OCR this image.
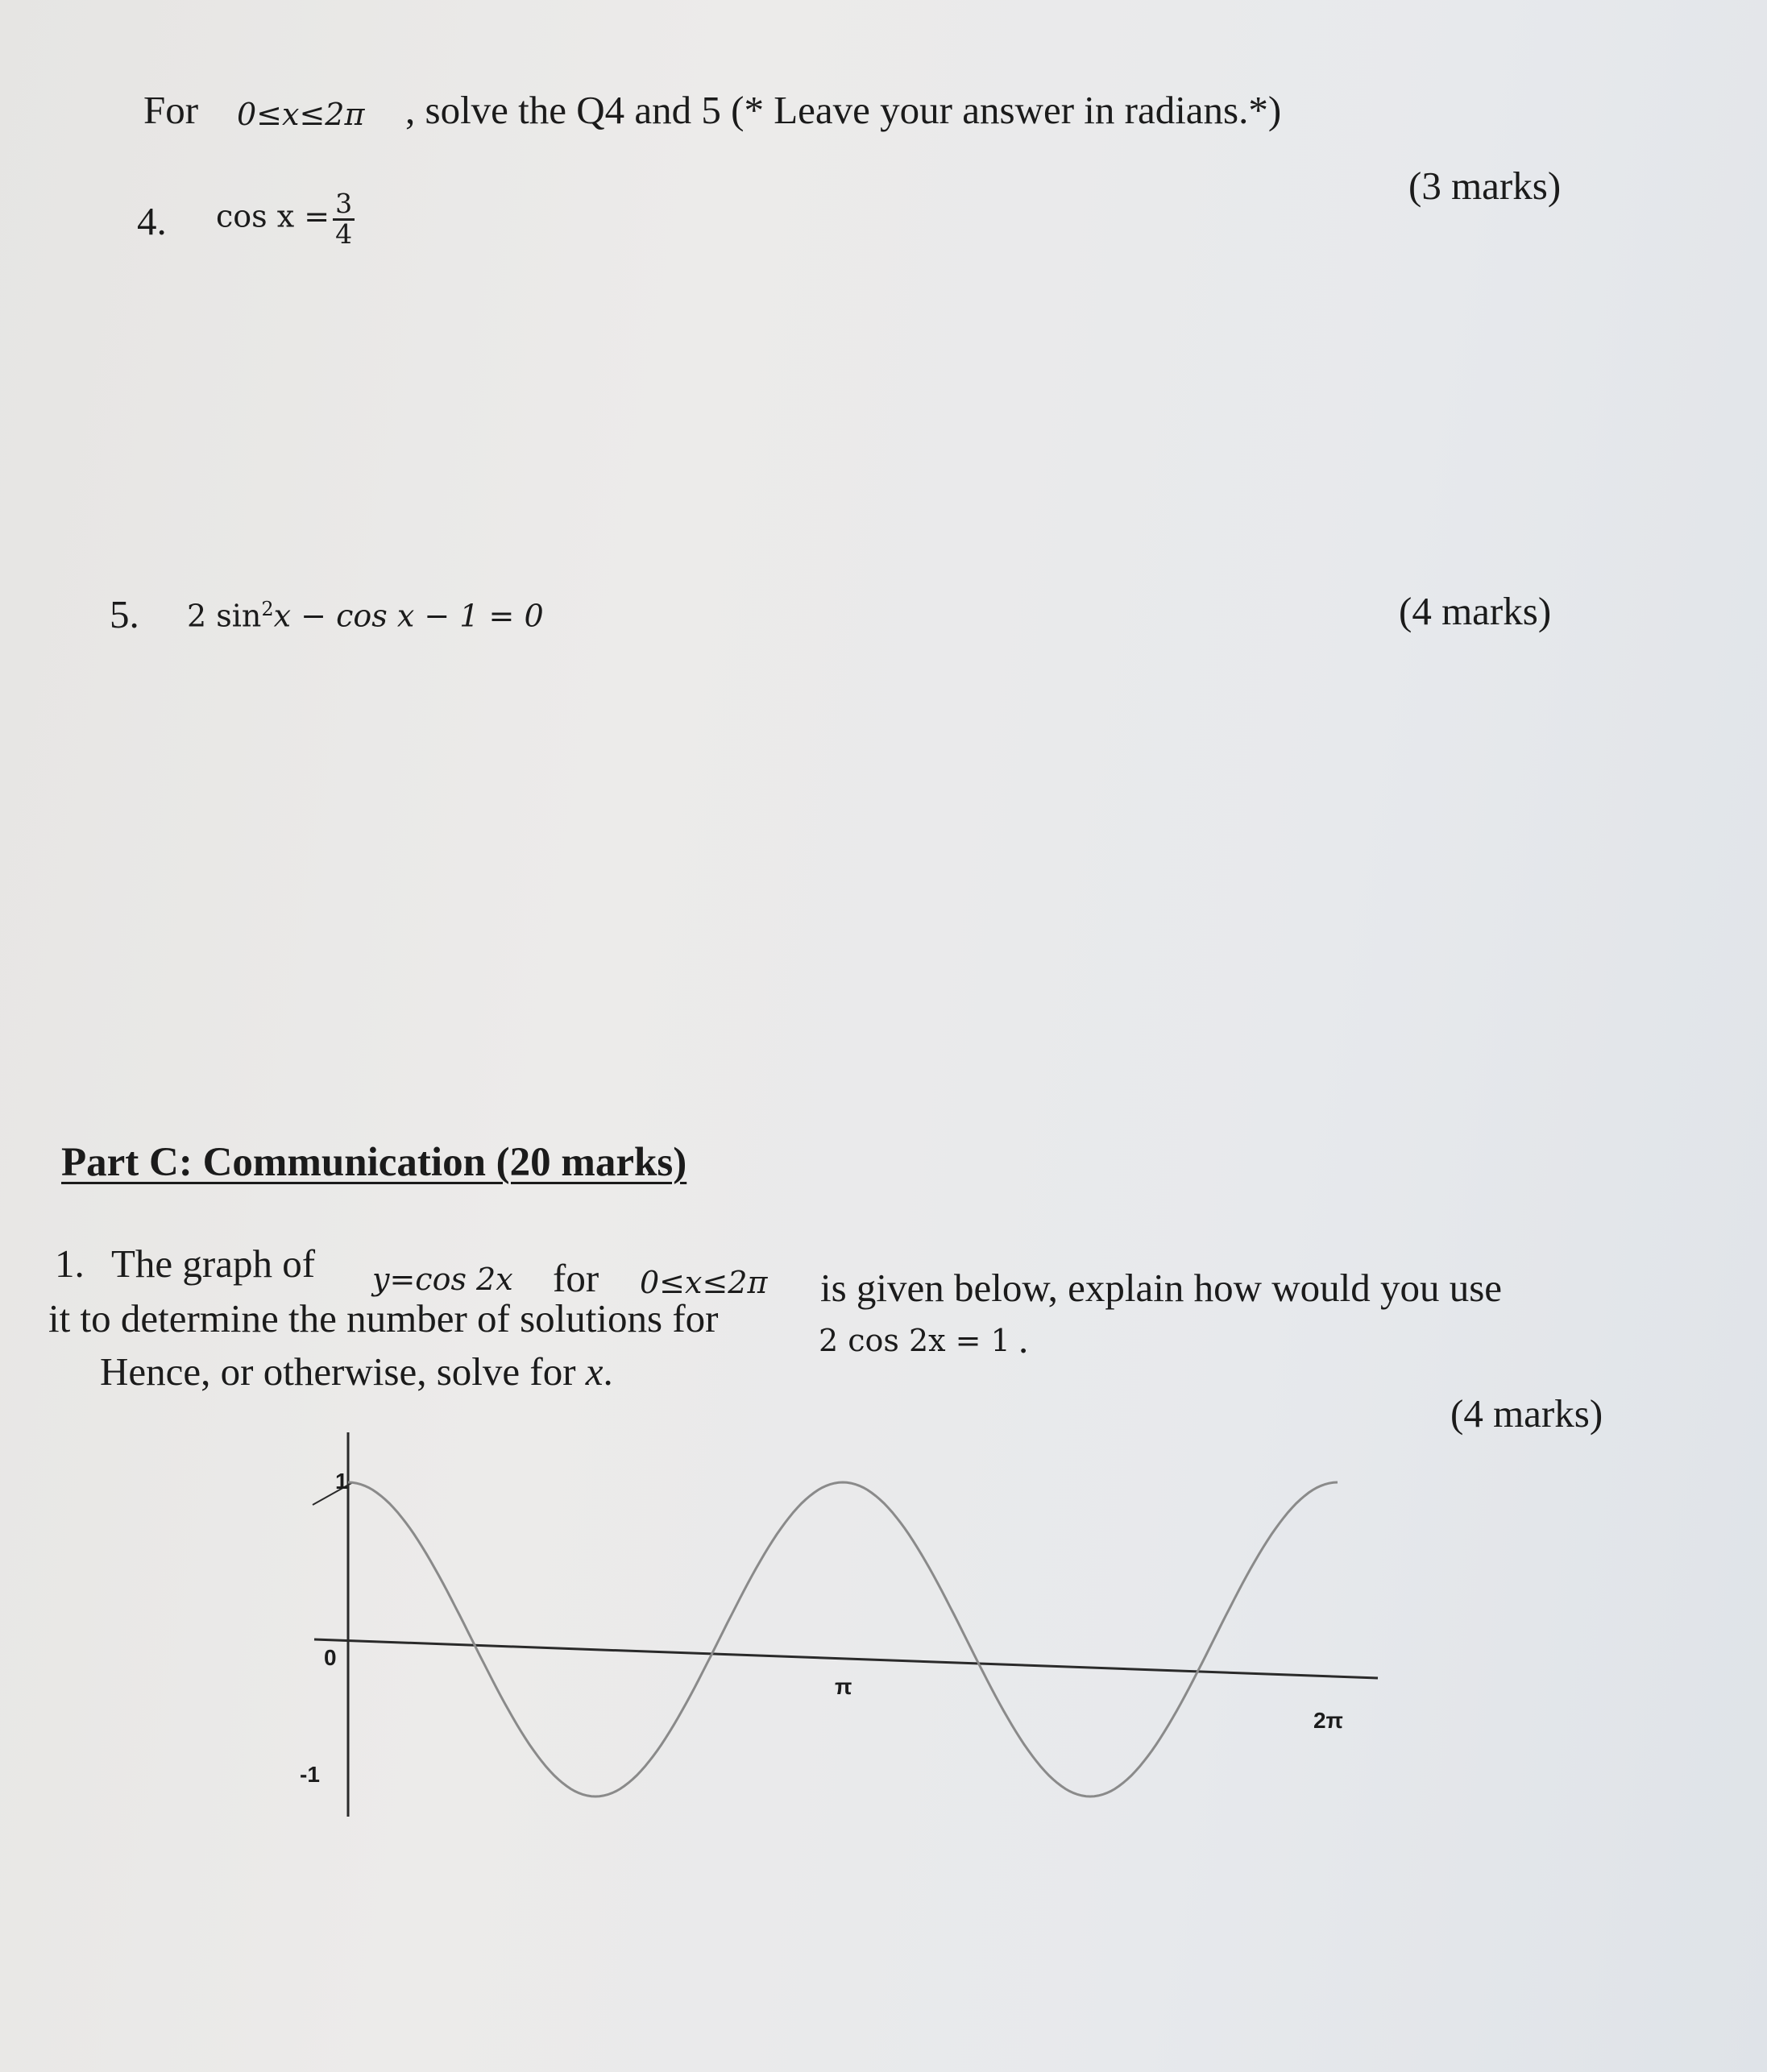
For 0≤x≤2π , solve the Q4 and 5 (* Leave your answer in radians.*)
4. $\cos x = \frac{3}{4}$
(3 marks)
5. 2 $\sin^2x - \cos x - 1 = 0$	(4 marks)
Part C: Communication (20 marks)
1. The graph of y=cos 2x for 0≤x≤2π is given below, explain how would you use
it to determine the number of solutions for	2 cos 2x = 1 .
Hence, or otherwise, solve for x.
(4 marks)
1
0
-1
π
2π
